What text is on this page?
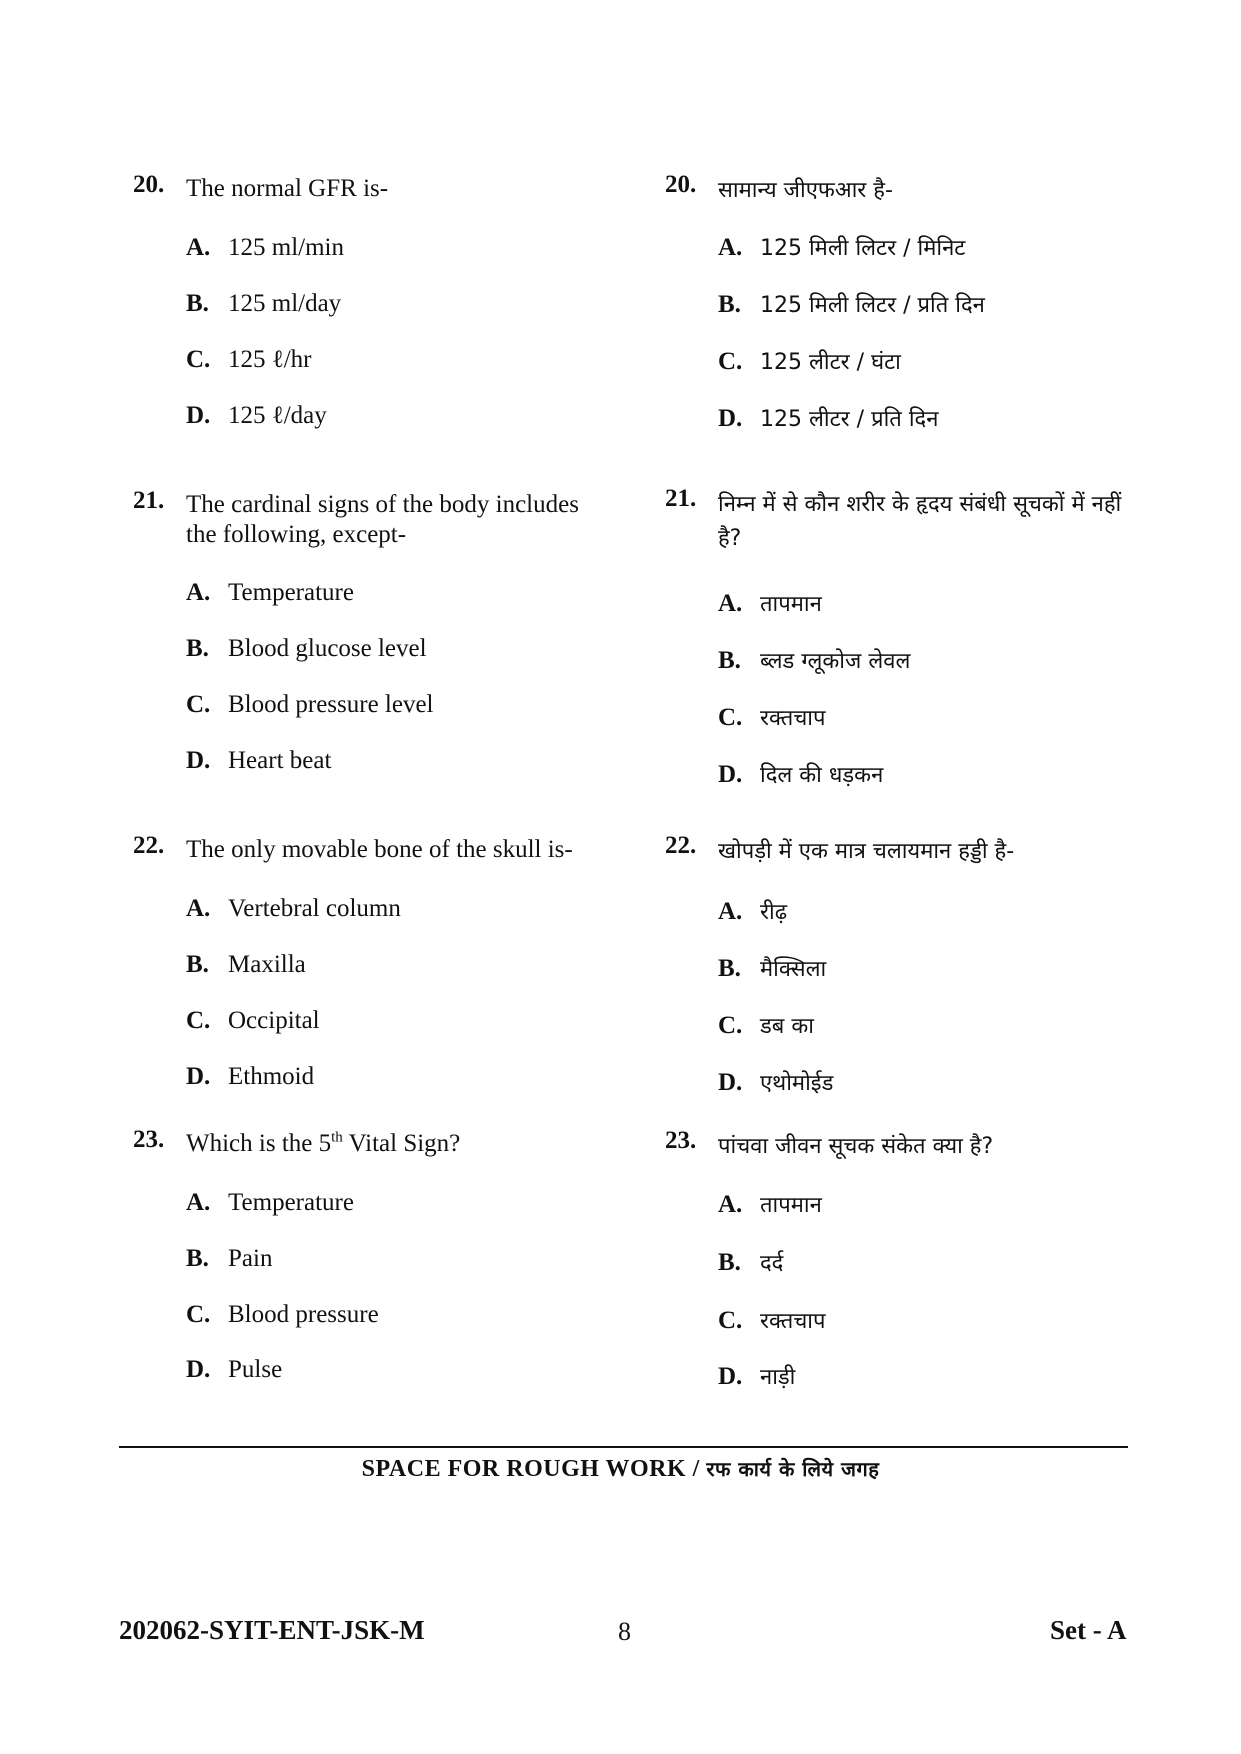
20. The normal GFR is-
A. 125 ml/min
B. 125 ml/day
C. 125 ℓ/hr
D. 125 ℓ/day
21. The cardinal signs of the body includes the following, except-
A. Temperature
B. Blood glucose level
C. Blood pressure level
D. Heart beat
22. The only movable bone of the skull is-
A. Vertebral column
B. Maxilla
C. Occipital
D. Ethmoid
23. Which is the 5th Vital Sign?
A. Temperature
B. Pain
C. Blood pressure
D. Pulse
20. सामान्य जीएफआर है-
A. 125 मिली लिटर / मिनिट
B. 125 मिली लिटर / प्रति दिन
C. 125 लीटर / घंटा
D. 125 लीटर / प्रति दिन
21. निम्न में से कौन शरीर के हृदय संबंधी सूचकों में नहीं है?
A. तापमान
B. ब्लड ग्लूकोज लेवल
C. रक्तचाप
D. दिल की धड़कन
22. खोपड़ी में एक मात्र चलायमान हड्डी है-
A. रीढ़
B. मैक्सिला
C. डब का
D. एथोमोईड
23. पांचवा जीवन सूचक संकेत क्या है?
A. तापमान
B. दर्द
C. रक्तचाप
D. नाड़ी
SPACE FOR ROUGH WORK / रफ कार्य के लिये जगह
202062-SYIT-ENT-JSK-M	8	Set - A
